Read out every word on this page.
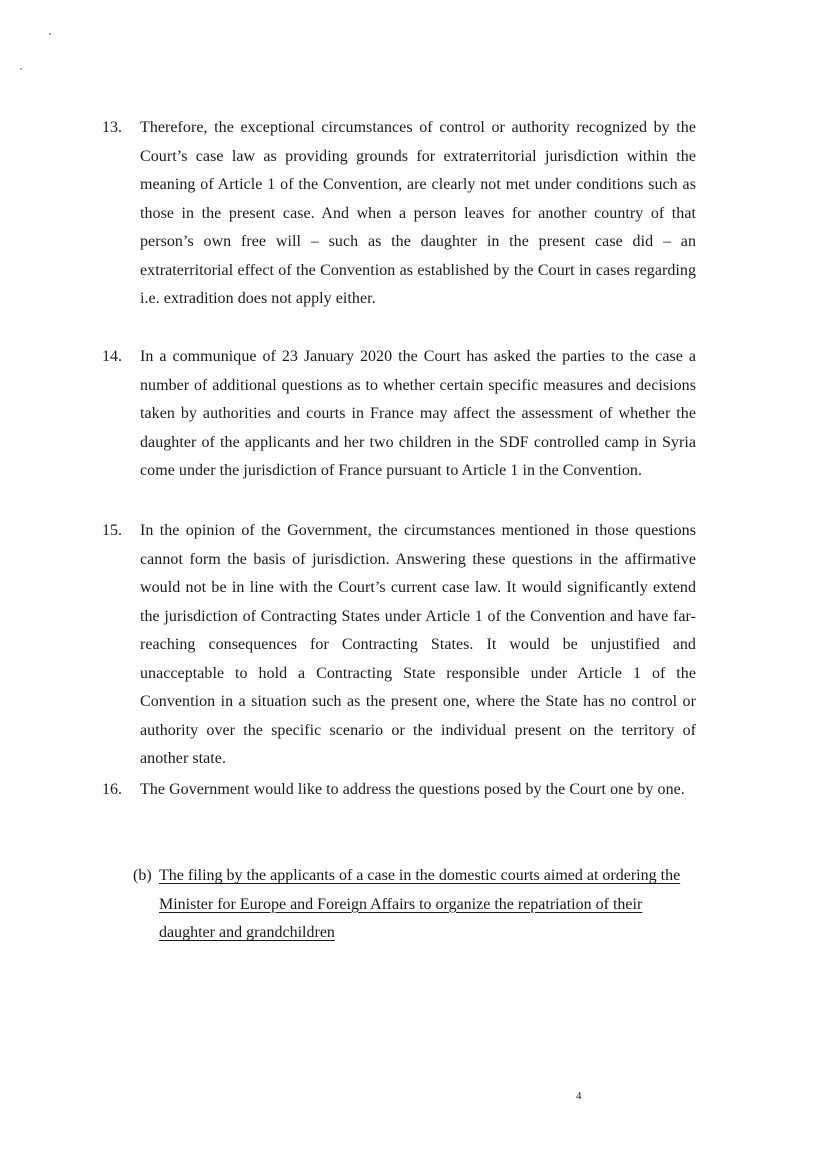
13. Therefore, the exceptional circumstances of control or authority recognized by the Court’s case law as providing grounds for extraterritorial jurisdiction within the meaning of Article 1 of the Convention, are clearly not met under conditions such as those in the present case. And when a person leaves for another country of that person’s own free will – such as the daughter in the present case did – an extraterritorial effect of the Convention as established by the Court in cases regarding i.e. extradition does not apply either.
14. In a communique of 23 January 2020 the Court has asked the parties to the case a number of additional questions as to whether certain specific measures and decisions taken by authorities and courts in France may affect the assessment of whether the daughter of the applicants and her two children in the SDF controlled camp in Syria come under the jurisdiction of France pursuant to Article 1 in the Convention.
15. In the opinion of the Government, the circumstances mentioned in those questions cannot form the basis of jurisdiction. Answering these questions in the affirmative would not be in line with the Court’s current case law. It would significantly extend the jurisdiction of Contracting States under Article 1 of the Convention and have far-reaching consequences for Contracting States. It would be unjustified and unacceptable to hold a Contracting State responsible under Article 1 of the Convention in a situation such as the present one, where the State has no control or authority over the specific scenario or the individual present on the territory of another state.
16. The Government would like to address the questions posed by the Court one by one.
(b) The filing by the applicants of a case in the domestic courts aimed at ordering the Minister for Europe and Foreign Affairs to organize the repatriation of their daughter and grandchildren
4
